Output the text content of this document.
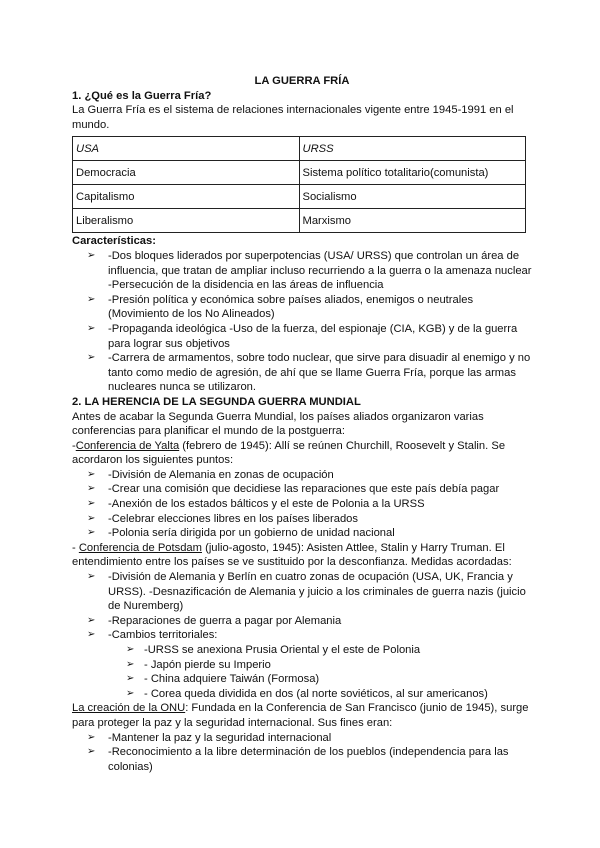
LA GUERRA FRÍA

1. ¿Qué es la Guerra Fría?

La Guerra Fría es el sistema de relaciones internacionales vigente entre 1945-1991 en el mundo.

USA	URSS
Democracia	Sistema político totalitario(comunista)
Capitalismo	Socialismo
Liberalismo	Marxismo

Características:

➢ -Dos bloques liderados por superpotencias (USA/ URSS) que controlan un área de influencia, que tratan de ampliar incluso recurriendo a la guerra o la amenaza nuclear -Persecución de la disidencia en las áreas de influencia
➢ -Presión política y económica sobre países aliados, enemigos o neutrales (Movimiento de los No Alineados)
➢ -Propaganda ideológica -Uso de la fuerza, del espionaje (CIA, KGB) y de la guerra para lograr sus objetivos
➢ -Carrera de armamentos, sobre todo nuclear, que sirve para disuadir al enemigo y no tanto como medio de agresión, de ahí que se llame Guerra Fría, porque las armas nucleares nunca se utilizaron.

2. LA HERENCIA DE LA SEGUNDA GUERRA MUNDIAL

Antes de acabar la Segunda Guerra Mundial, los países aliados organizaron varias conferencias para planificar el mundo de la postguerra:

-Conferencia de Yalta (febrero de 1945): Allí se reúnen Churchill, Roosevelt y Stalin. Se acordaron los siguientes puntos:

➢ -División de Alemania en zonas de ocupación
➢ -Crear una comisión que decidiese las reparaciones que este país debía pagar
➢ -Anexión de los estados bálticos y el este de Polonia a la URSS
➢ -Celebrar elecciones libres en los países liberados
➢ -Polonia sería dirigida por un gobierno de unidad nacional

- Conferencia de Potsdam (julio-agosto, 1945): Asisten Attlee, Stalin y Harry Truman. El entendimiento entre los países se ve sustituido por la desconfianza. Medidas acordadas:

➢ -División de Alemania y Berlín en cuatro zonas de ocupación (USA, UK, Francia y URSS). -Desnazificación de Alemania y juicio a los criminales de guerra nazis (juicio de Nuremberg)
➢ -Reparaciones de guerra a pagar por Alemania
➢ -Cambios territoriales:
➢ -URSS se anexiona Prusia Oriental y el este de Polonia
➢ - Japón pierde su Imperio
➢ - China adquiere Taiwán (Formosa)
➢ - Corea queda dividida en dos (al norte soviéticos, al sur americanos)

La creación de la ONU: Fundada en la Conferencia de San Francisco (junio de 1945), surge para proteger la paz y la seguridad internacional. Sus fines eran:

➢ -Mantener la paz y la seguridad internacional
➢ -Reconocimiento a la libre determinación de los pueblos (independencia para las colonias)
